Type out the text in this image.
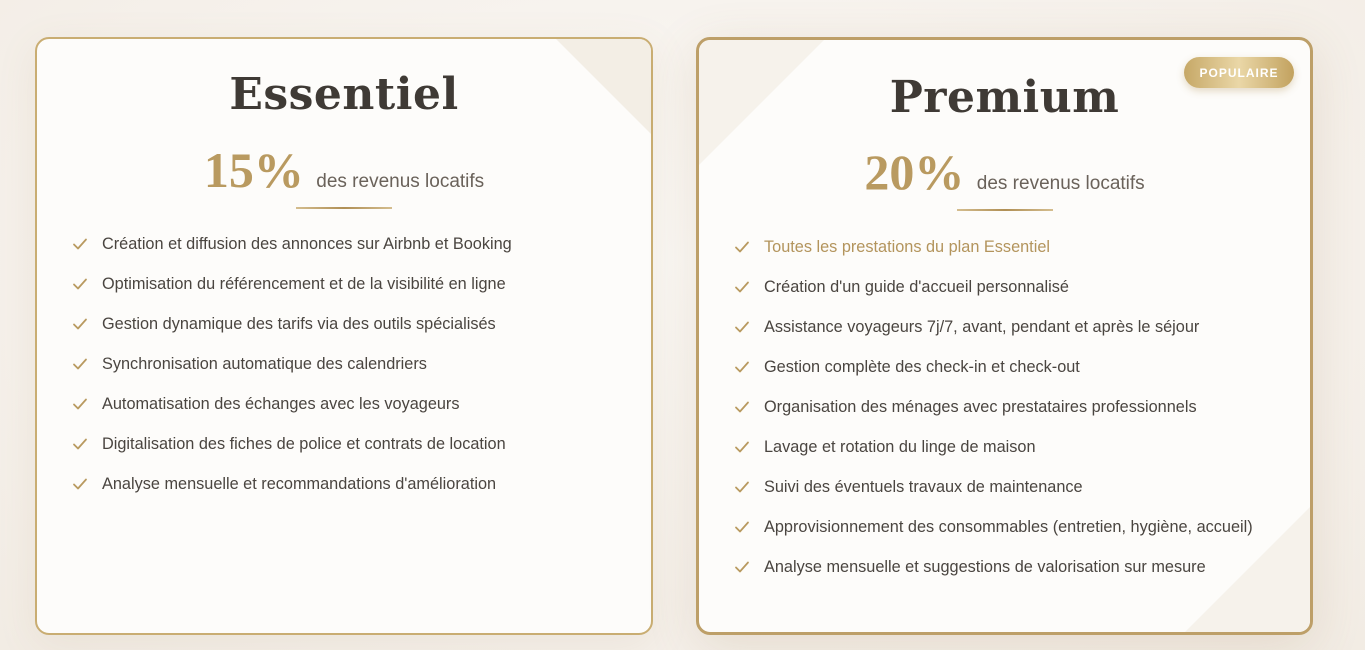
Essentiel
15% des revenus locatifs
Création et diffusion des annonces sur Airbnb et Booking
Optimisation du référencement et de la visibilité en ligne
Gestion dynamique des tarifs via des outils spécialisés
Synchronisation automatique des calendriers
Automatisation des échanges avec les voyageurs
Digitalisation des fiches de police et contrats de location
Analyse mensuelle et recommandations d'amélioration
POPULAIRE
Premium
20% des revenus locatifs
Toutes les prestations du plan Essentiel
Création d'un guide d'accueil personnalisé
Assistance voyageurs 7j/7, avant, pendant et après le séjour
Gestion complète des check-in et check-out
Organisation des ménages avec prestataires professionnels
Lavage et rotation du linge de maison
Suivi des éventuels travaux de maintenance
Approvisionnement des consommables (entretien, hygiène, accueil)
Analyse mensuelle et suggestions de valorisation sur mesure
